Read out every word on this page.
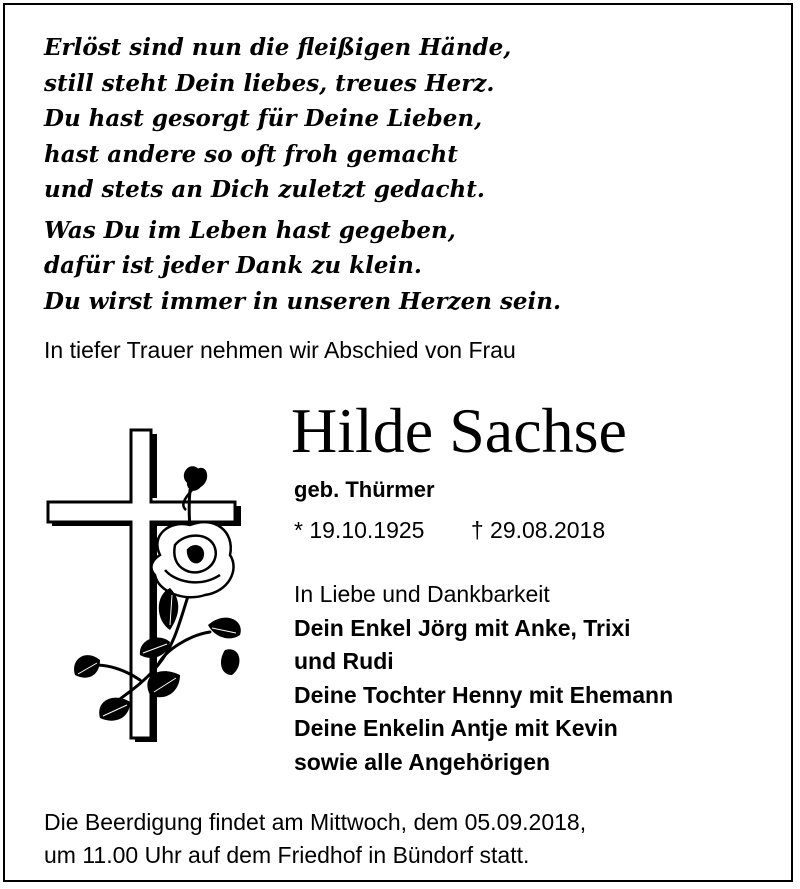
Erlöst sind nun die fleißigen Hände,
still steht Dein liebes, treues Herz.
Du hast gesorgt für Deine Lieben,
hast andere so oft froh gemacht
und stets an Dich zuletzt gedacht.
Was Du im Leben hast gegeben,
dafür ist jeder Dank zu klein.
Du wirst immer in unseren Herzen sein.
In tiefer Trauer nehmen wir Abschied von Frau
Hilde Sachse
geb. Thürmer
* 19.10.1925 † 29.08.2018
In Liebe und Dankbarkeit
Dein Enkel Jörg mit Anke, Trixi
und Rudi
Deine Tochter Henny mit Ehemann
Deine Enkelin Antje mit Kevin
sowie alle Angehörigen
Die Beerdigung findet am Mittwoch, dem 05.09.2018,
um 11.00 Uhr auf dem Friedhof in Bündorf statt.
